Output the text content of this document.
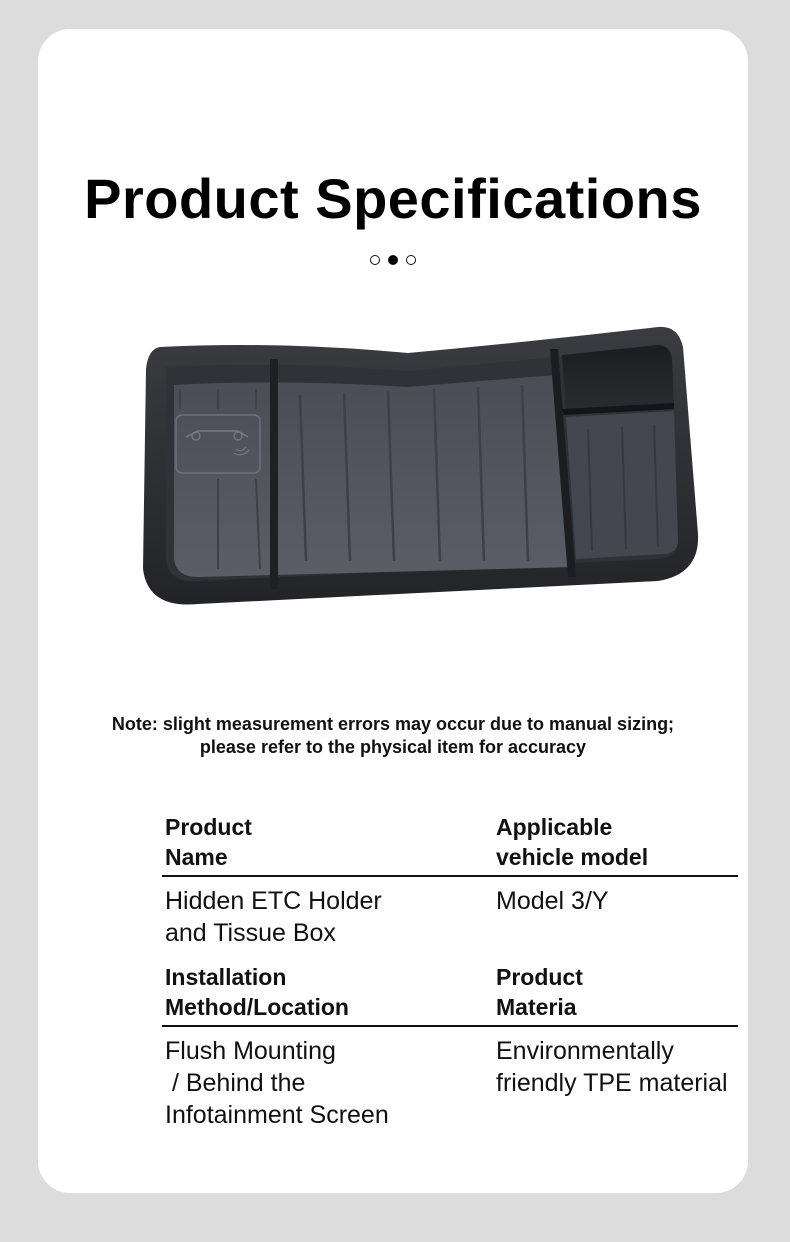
Product Specifications

Note: slight measurement errors may occur due to manual sizing; please refer to the physical item for accuracy

Product
Name
Applicable
vehicle model
Hidden ETC Holder
and Tissue Box
Model 3/Y
Installation
Method/Location
Product
Materia
Flush Mounting
/ Behind the
Infotainment Screen
Environmentally
friendly TPE material
